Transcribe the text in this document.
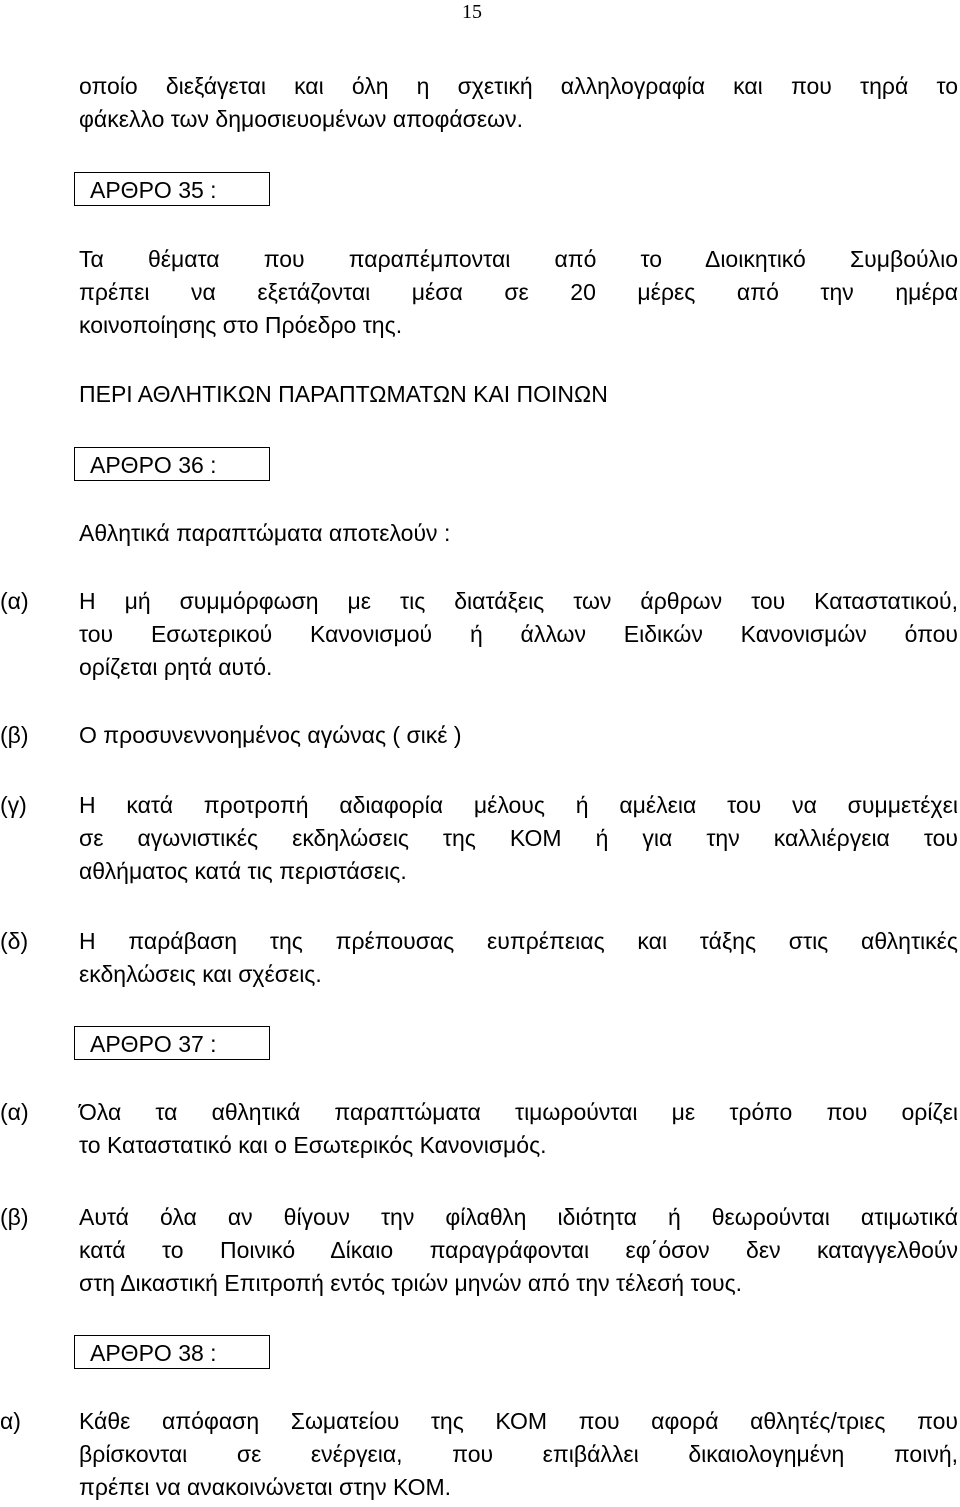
15
οποίο διεξάγεται και όλη η σχετική αλληλογραφία και που τηρά το
φάκελλο των δημοσιευομένων αποφάσεων.
ΑΡΘΡΟ 35 :
Τα θέματα που παραπέμπονται από το Διοικητικό Συμβούλιο
πρέπει να εξετάζονται μέσα σε 20 μέρες από την ημέρα
κοινοποίησης στο Πρόεδρο της.
ΠΕΡΙ ΑΘΛΗΤΙΚΩΝ ΠΑΡΑΠΤΩΜΑΤΩΝ ΚΑΙ ΠΟΙΝΩΝ
ΑΡΘΡΟ 36 :
Αθλητικά παραπτώματα αποτελούν :
(α) Η μή συμμόρφωση με τις διατάξεις των άρθρων του Καταστατικού,
του Εσωτερικού Κανονισμού ή άλλων Ειδικών Κανονισμών όπου
ορίζεται ρητά αυτό.
(β) Ο προσυνεννοημένος αγώνας ( σικέ )
(γ) Η κατά προτροπή αδιαφορία μέλους ή αμέλεια του να συμμετέχει
σε αγωνιστικές εκδηλώσεις της ΚΟΜ ή για την καλλιέργεια του
αθλήματος κατά τις περιστάσεις.
(δ) Η παράβαση της πρέπουσας ευπρέπειας και τάξης στις αθλητικές
εκδηλώσεις και σχέσεις.
ΑΡΘΡΟ 37 :
(α) Όλα τα αθλητικά παραπτώματα τιμωρούνται με τρόπο που ορίζει
το Καταστατικό και ο Εσωτερικός Κανονισμός.
(β) Αυτά όλα αν θίγουν την φίλαθλη ιδιότητα ή θεωρούνται ατιμωτικά
κατά το Ποινικό Δίκαιο παραγράφονται εφ΄όσον δεν καταγγελθούν
στη Δικαστική Επιτροπή εντός τριών μηνών από την τέλεσή τους.
ΑΡΘΡΟ 38 :
α)	Κάθε απόφαση Σωματείου της ΚΟΜ που αφορά αθλητές/τριες που
βρίσκονται σε ενέργεια, που επιβάλλει δικαιολογημένη ποινή,
πρέπει να ανακοινώνεται στην ΚΟΜ.
